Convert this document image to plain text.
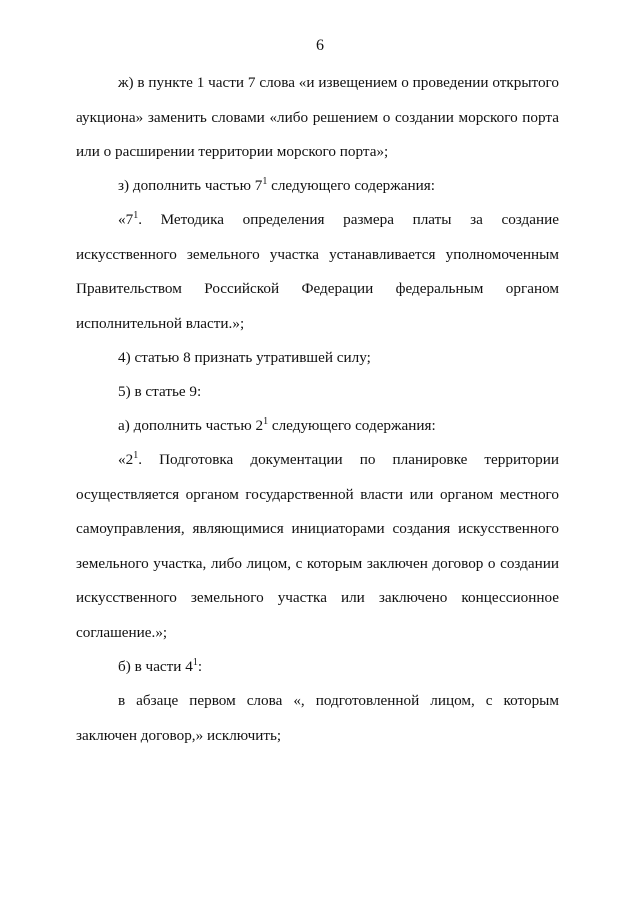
6

ж) в пункте 1 части 7 слова «и извещением о проведении открытого аукциона» заменить словами «либо решением о создании морского порта или о расширении территории морского порта»;

з) дополнить частью $7^1$ следующего содержания:

«$7^1$. Методика определения размера платы за создание искусственного земельного участка устанавливается уполномоченным Правительством Российской Федерации федеральным органом исполнительной власти.»;

4) статью 8 признать утратившей силу;

5) в статье 9:

а) дополнить частью $2^1$ следующего содержания:

«$2^1$. Подготовка документации по планировке территории осуществляется органом государственной власти или органом местного самоуправления, являющимися инициаторами создания искусственного земельного участка, либо лицом, с которым заключен договор о создании искусственного земельного участка или заключено концессионное соглашение.»;

б) в части $4^1$:

в абзаце первом слова «, подготовленной лицом, с которым заключен договор,» исключить;
